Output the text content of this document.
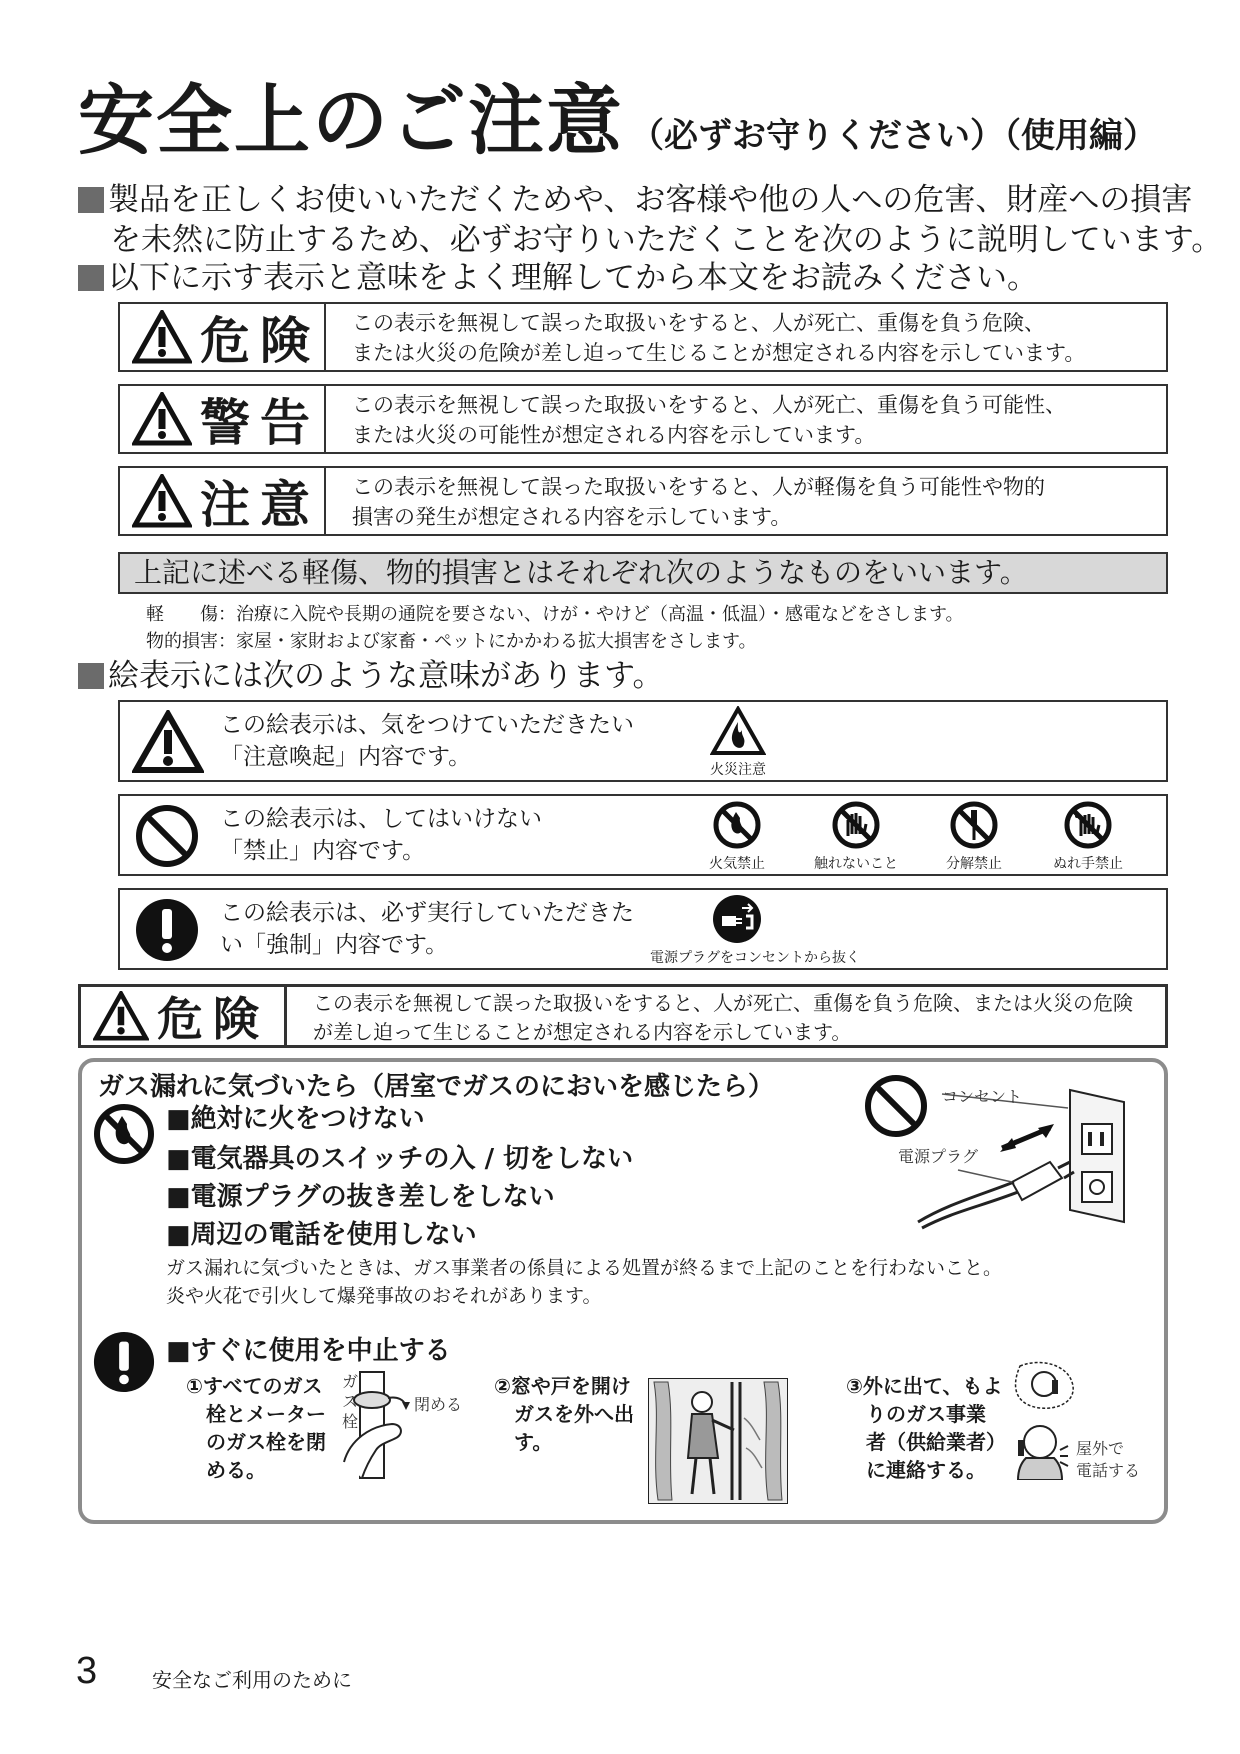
安全上のご注意 （必ずお守りください）（使用編）
製品を正しくお使いいただくためや、お客様や他の人への危害、財産への損害
を未然に防止するため、必ずお守りいただくことを次のように説明しています。
以下に示す表示と意味をよく理解してから本文をお読みください。
危険 この表示を無視して誤った取扱いをすると、人が死亡、重傷を負う危険、
または火災の危険が差し迫って生じることが想定される内容を示しています。
警告 この表示を無視して誤った取扱いをすると、人が死亡、重傷を負う可能性、
または火災の可能性が想定される内容を示しています。
注意 この表示を無視して誤った取扱いをすると、人が軽傷を負う可能性や物的
損害の発生が想定される内容を示しています。
上記に述べる軽傷、物的損害とはそれぞれ次のようなものをいいます。
軽　　傷：治療に入院や長期の通院を要さない、けが・やけど（高温・低温）・感電などをさします。
物的損害：家屋・家財および家畜・ペットにかかわる拡大損害をさします。
絵表示には次のような意味があります。
この絵表示は、気をつけていただきたい
「注意喚起」内容です。	火災注意
この絵表示は、してはいけない
「禁止」内容です。	火気禁止	触れないこと	分解禁止	ぬれ手禁止
この絵表示は、必ず実行していただきた
い「強制」内容です。	電源プラグをコンセントから抜く
危険 この表示を無視して誤った取扱いをすると、人が死亡、重傷を負う危険、または火災の危険
が差し迫って生じることが想定される内容を示しています。
ガス漏れに気づいたら（居室でガスのにおいを感じたら）
■絶対に火をつけない
■電気器具のスイッチの入 / 切をしない
■電源プラグの抜き差しをしない
■周辺の電話を使用しない
ガス漏れに気づいたときは、ガス事業者の係員による処置が終るまで上記のことを行わないこと。
炎や火花で引火して爆発事故のおそれがあります。
コンセント
電源プラグ
■すぐに使用を中止する
①すべてのガス
栓とメーター
のガス栓を閉
める。
ガス栓
閉める
②窓や戸を開け
ガスを外へ出
す。
③外に出て、もよ
りのガス事業
者（供給業者）
に連絡する。
屋外で
電話する
3	安全なご利用のために
